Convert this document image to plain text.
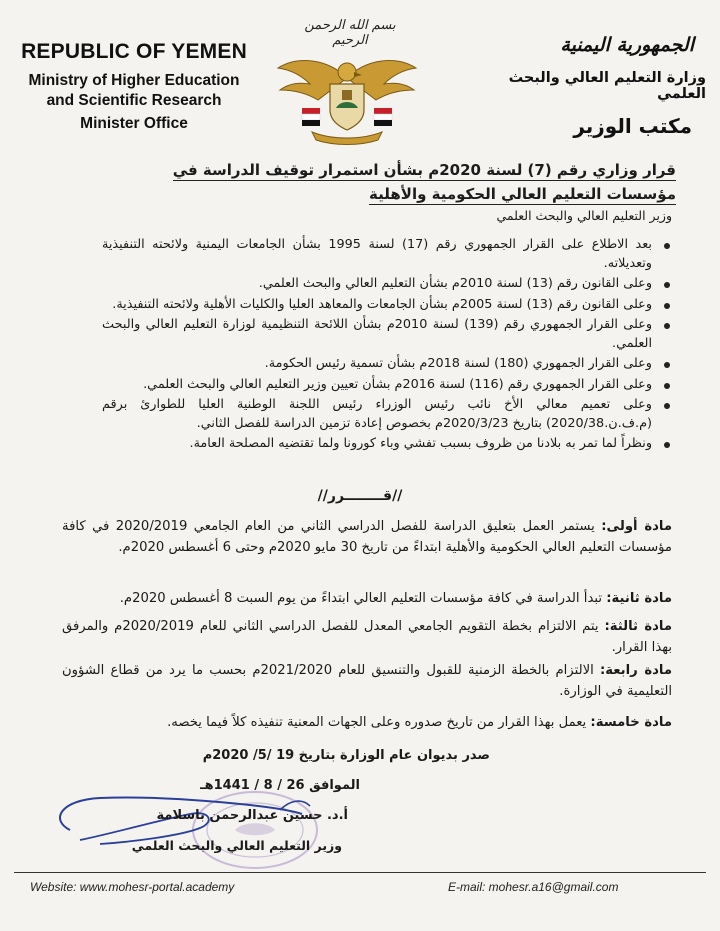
REPUBLIC OF YEMEN
Ministry of Higher Education
and Scientific Research
Minister Office
بسم الله الرحمن الرحيم	الجمهورية اليمنية
وزارة التعليم العالي والبحث العلمي
مكتب الوزير
قرار وزاري رقم (7) لسنة 2020م بشأن استمرار توقيف الدراسة في مؤسسات التعليم العالي الحكومية والأهلية
وزير التعليم العالي والبحث العلمي
بعد الاطلاع على القرار الجمهوري رقم (17) لسنة 1995 بشأن الجامعات اليمنية ولائحته التنفيذية وتعديلاته.
وعلى القانون رقم (13) لسنة 2010م بشأن التعليم العالي والبحث العلمي.
وعلى القانون رقم (13) لسنة 2005م بشأن الجامعات والمعاهد العليا والكليات الأهلية ولائحته التنفيذية.
وعلى القرار الجمهوري رقم (139) لسنة 2010م بشأن اللائحة التنظيمية لوزارة التعليم العالي والبحث العلمي.
وعلى القرار الجمهوري (180) لسنة 2018م بشأن تسمية رئيس الحكومة.
وعلى القرار الجمهوري رقم (116) لسنة 2016م بشأن تعيين وزير التعليم العالي والبحث العلمي.
وعلى تعميم معالي الأخ نائب رئيس الوزراء رئيس اللجنة الوطنية العليا للطوارئ برقم (م.ف.ن.2020/38) بتاريخ 2020/3/23م بخصوص إعادة تزمين الدراسة للفصل الثاني.
ونظراً لما تمر به بلادنا من ظروف بسبب تفشي وباء كورونا ولما تقتضيه المصلحة العامة.
//قــــــــرر//
مادة أولى: يستمر العمل بتعليق الدراسة للفصل الدراسي الثاني من العام الجامعي 2020/2019 في كافة مؤسسات التعليم العالي الحكومية والأهلية ابتداءً من تاريخ 30 مايو 2020م وحتى 6 أغسطس 2020م.
مادة ثانية: تبدأ الدراسة في كافة مؤسسات التعليم العالي ابتداءً من يوم السبت 8 أغسطس 2020م.
مادة ثالثة: يتم الالتزام بخطة التقويم الجامعي المعدل للفصل الدراسي الثاني للعام 2020/2019م والمرفق بهذا القرار.
مادة رابعة: الالتزام بالخطة الزمنية للقبول والتنسيق للعام 2021/2020م بحسب ما يرد من قطاع الشؤون التعليمية في الوزارة.
مادة خامسة: يعمل بهذا القرار من تاريخ صدوره وعلى الجهات المعنية تنفيذه كلاً فيما يخصه.
صدر بديوان عام الوزارة بتاريخ 19 /5/ 2020م
الموافق 26 / 8 / 1441هـ
أ.د. حسين عبدالرحمن باسلامة
وزير التعليم العالي والبحث العلمي
Website: www.mohesr-portal.academy	E-mail: mohesr.a16@gmail.com
